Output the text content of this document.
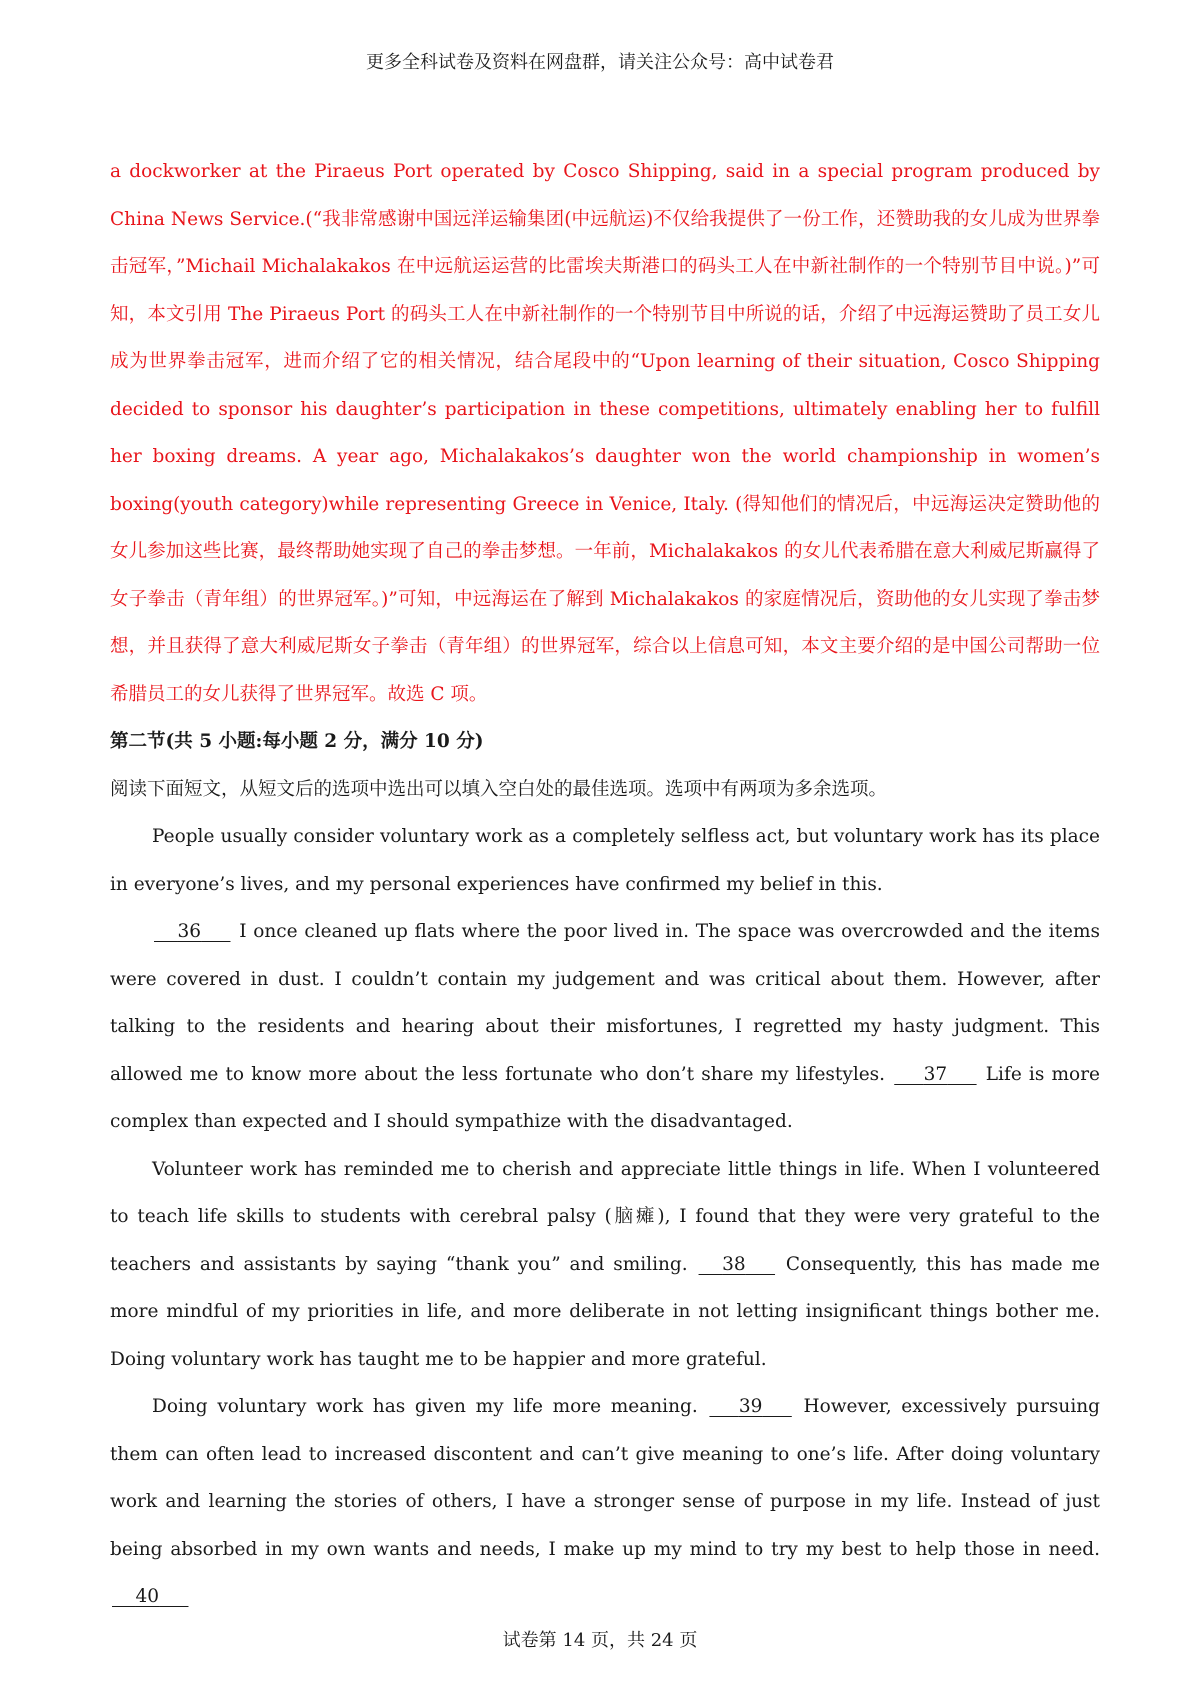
更多全科试卷及资料在网盘群，请关注公众号：高中试卷君

a dockworker at the Piraeus Port operated by Cosco Shipping, said in a special program produced by China News Service.(“我非常感谢中国远洋运输集团(中远航运)不仅给我提供了一份工作，还赞助我的女儿成为世界拳击冠军，”Michail Michalakakos 在中远航运运营的比雷埃夫斯港口的码头工人在中新社制作的一个特别节目中说。)”可知，本文引用 The Piraeus Port 的码头工人在中新社制作的一个特别节目中所说的话，介绍了中远海运赞助了员工女儿成为世界拳击冠军，进而介绍了它的相关情况，结合尾段中的“Upon learning of their situation, Cosco Shipping decided to sponsor his daughter’s participation in these competitions, ultimately enabling her to fulfill her boxing dreams. A year ago, Michalakakos’s daughter won the world championship in women’s boxing(youth category)while representing Greece in Venice, Italy. (得知他们的情况后，中远海运决定赞助他的女儿参加这些比赛，最终帮助她实现了自己的拳击梦想。一年前，Michalakakos 的女儿代表希腊在意大利威尼斯赢得了女子拳击（青年组）的世界冠军。)”可知，中远海运在了解到 Michalakakos 的家庭情况后，资助他的女儿实现了拳击梦想，并且获得了意大利威尼斯女子拳击（青年组）的世界冠军，综合以上信息可知，本文主要介绍的是中国公司帮助一位希腊员工的女儿获得了世界冠军。故选 C 项。

第二节(共 5 小题:每小题 2 分，满分 10 分)

阅读下面短文，从短文后的选项中选出可以填入空白处的最佳选项。选项中有两项为多余选项。

People usually consider voluntary work as a completely selfless act, but voluntary work has its place in everyone’s lives, and my personal experiences have confirmed my belief in this.

36      I once cleaned up flats where the poor lived in. The space was overcrowded and the items were covered in dust. I couldn’t contain my judgement and was critical about them. However, after talking to the residents and hearing about their misfortunes, I regretted my hasty judgment. This allowed me to know more about the less fortunate who don’t share my lifestyles.      37      Life is more complex than expected and I should sympathize with the disadvantaged.

Volunteer work has reminded me to cherish and appreciate little things in life. When I volunteered to teach life skills to students with cerebral palsy (脑瘫), I found that they were very grateful to the teachers and assistants by saying “thank you” and smiling.     38      Consequently, this has made me more mindful of my priorities in life, and more deliberate in not letting insignificant things bother me. Doing voluntary work has taught me to be happier and more grateful.

Doing voluntary work has given my life more meaning.      39      However, excessively pursuing them can often lead to increased discontent and can’t give meaning to one’s life. After doing voluntary work and learning the stories of others, I have a stronger sense of purpose in my life. Instead of just being absorbed in my own wants and needs, I make up my mind to try my best to help those in need.     40

试卷第 14 页，共 24 页
